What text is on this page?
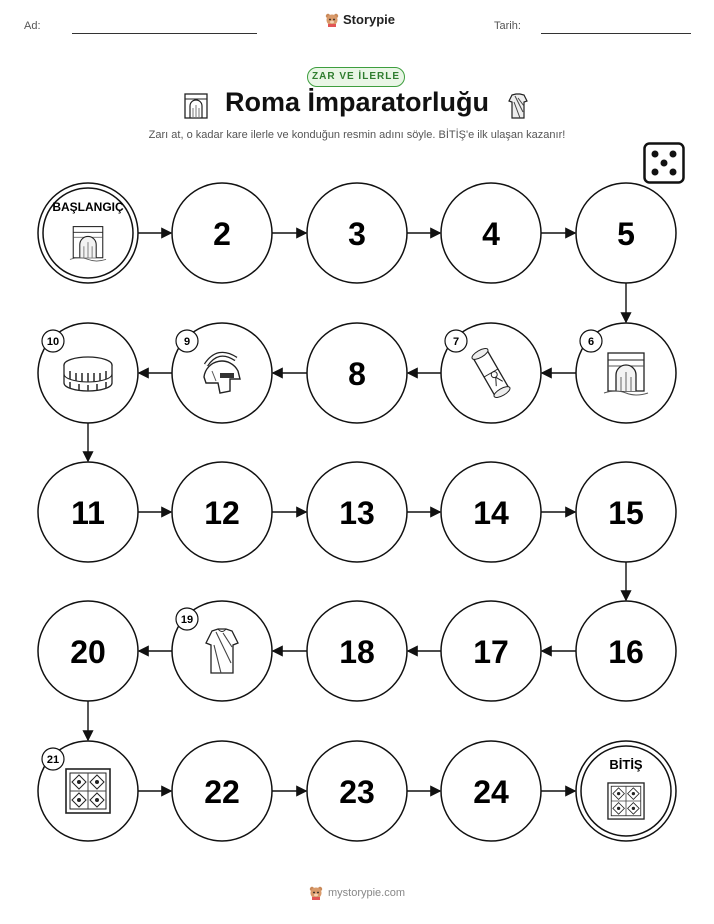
Ad:	Storypie	Tarih:
ZAR VE İLERLE
Roma İmparatorluğu
Zarı at, o kadar kare ilerle ve konduğun resmin adını söyle. BİTİŞ'e ilk ulaşan kazanır!
BAŞLANGIÇ
2	3	4	5
6
7
8
9
10
11	12	13	14	15
16
17
18
19
20
21
22	23	24
BİTİŞ
mystorypie.com
